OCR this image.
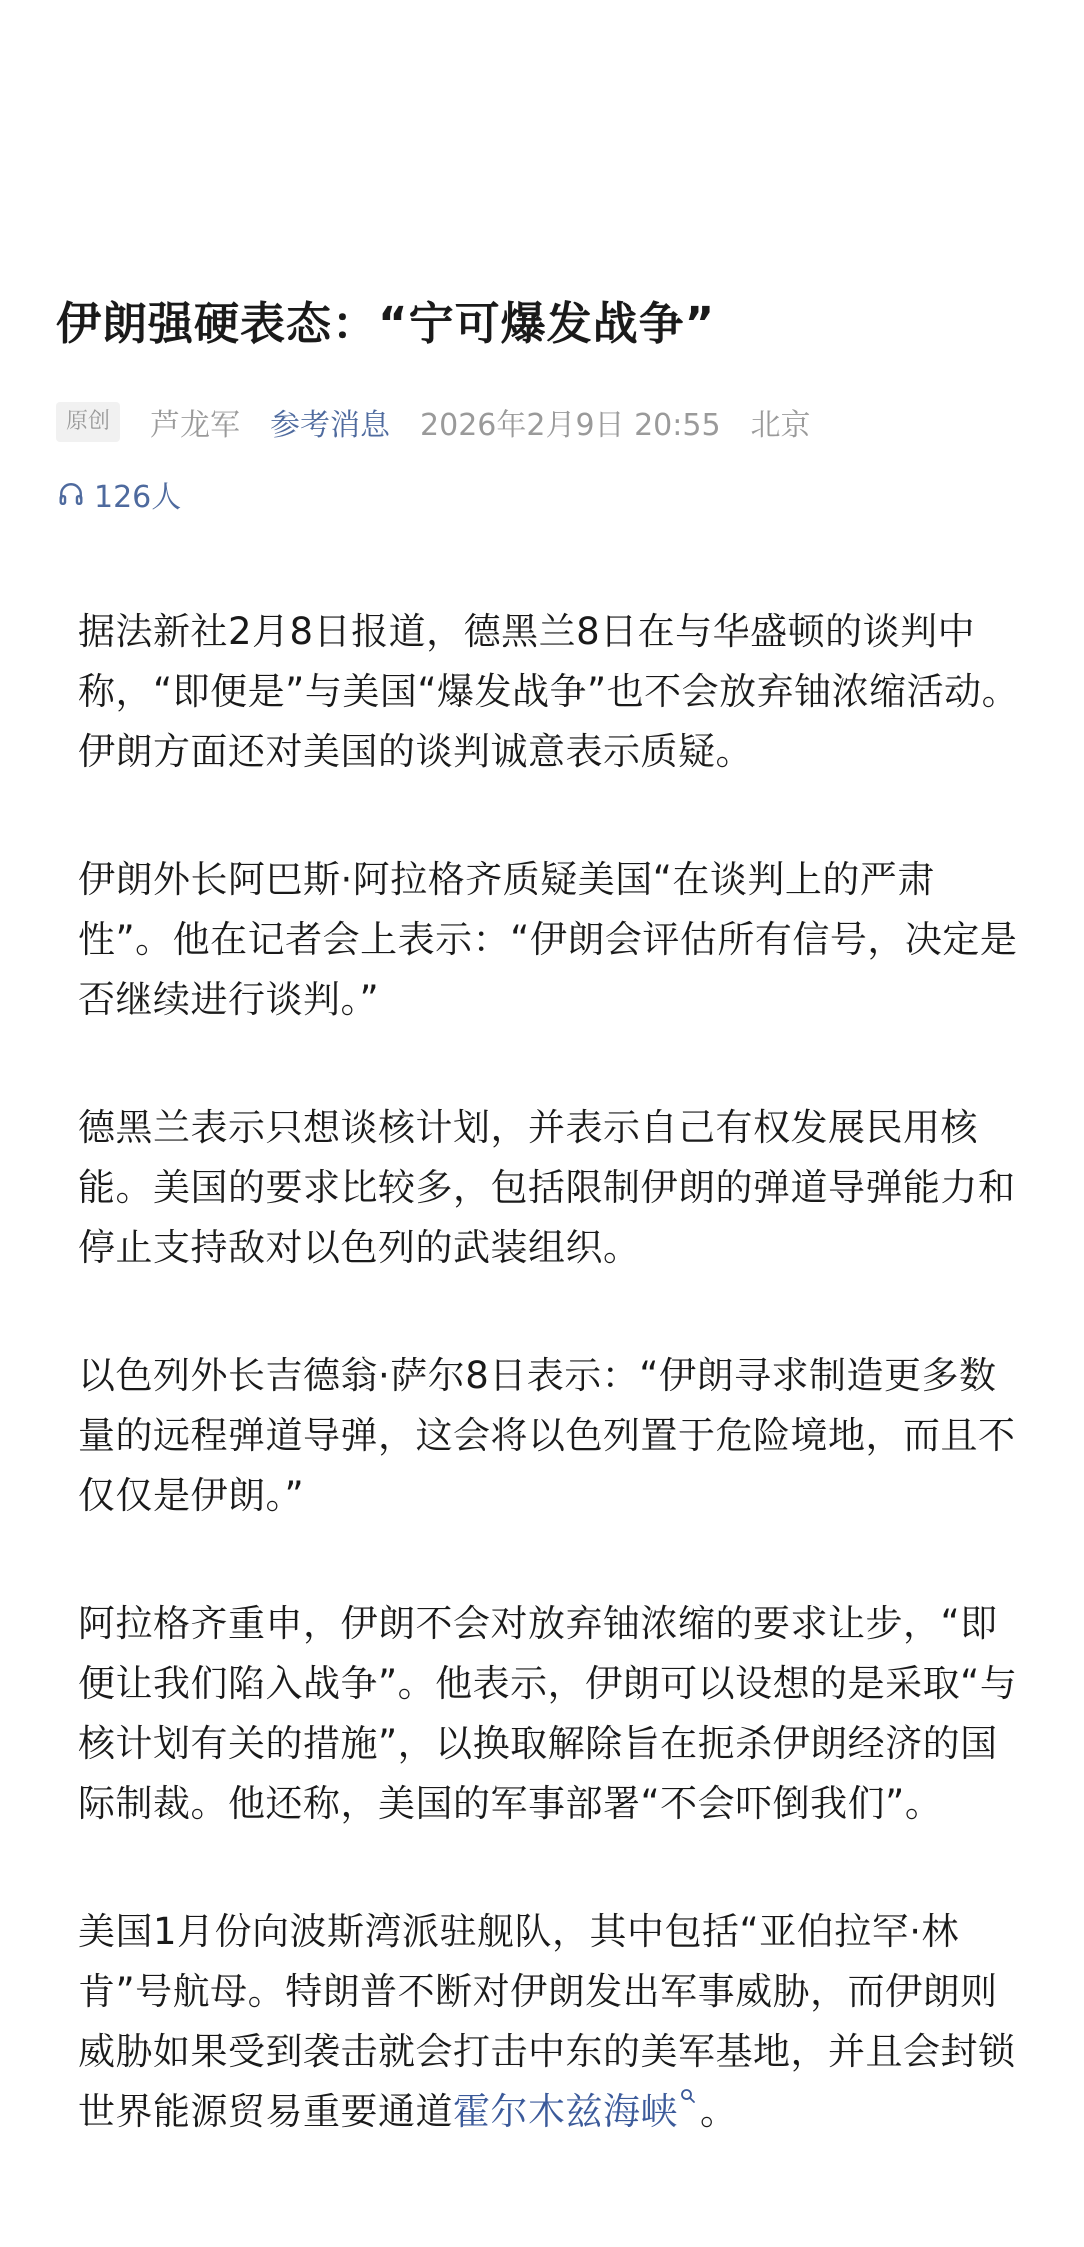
伊朗强硬表态：“宁可爆发战争”
原创	芦龙军 参考消息 2026年2月9日 20:55 北京
126人

据法新社2月8日报道，德黑兰8日在与华盛顿的谈判中称，“即便是”与美国“爆发战争”也不会放弃铀浓缩活动。伊朗方面还对美国的谈判诚意表示质疑。

伊朗外长阿巴斯·阿拉格齐质疑美国“在谈判上的严肃性”。他在记者会上表示：“伊朗会评估所有信号，决定是否继续进行谈判。”

德黑兰表示只想谈核计划，并表示自己有权发展民用核能。美国的要求比较多，包括限制伊朗的弹道导弹能力和停止支持敌对以色列的武装组织。

以色列外长吉德翁·萨尔8日表示：“伊朗寻求制造更多数量的远程弹道导弹，这会将以色列置于危险境地，而且不仅仅是伊朗。”

阿拉格齐重申，伊朗不会对放弃铀浓缩的要求让步，“即便让我们陷入战争”。他表示，伊朗可以设想的是采取“与核计划有关的措施”，以换取解除旨在扼杀伊朗经济的国际制裁。他还称，美国的军事部署“不会吓倒我们”。

美国1月份向波斯湾派驻舰队，其中包括“亚伯拉罕·林肯”号航母。特朗普不断对伊朗发出军事威胁，而伊朗则威胁如果受到袭击就会打击中东的美军基地，并且会封锁世界能源贸易重要通道霍尔木兹海峡 。
